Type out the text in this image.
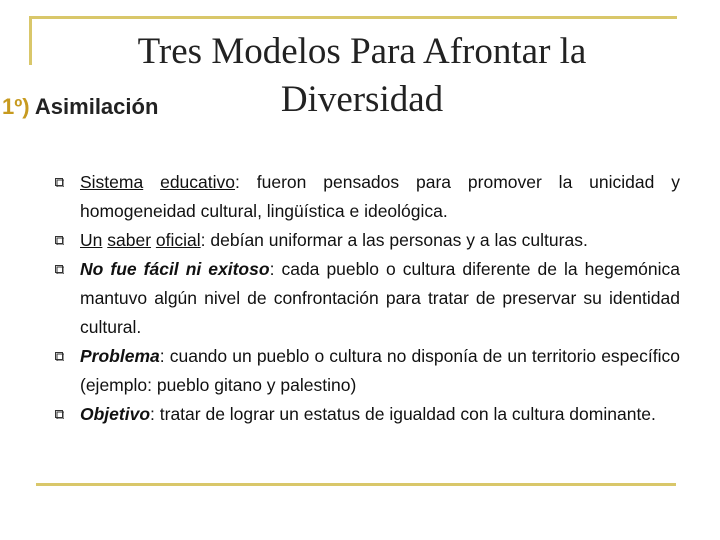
Tres Modelos Para Afrontar la
Diversidad
1º) Asimilación
Sistema educativo: fueron pensados para promover la unicidad y homogeneidad cultural, lingüística e ideológica.
Un saber oficial: debían uniformar a las personas y a las culturas.
No fue fácil ni exitoso: cada pueblo o cultura diferente de la hegemónica mantuvo algún nivel de confrontación para tratar de preservar su identidad cultural.
Problema: cuando un pueblo o cultura no disponía de un territorio específico (ejemplo: pueblo gitano y palestino)
Objetivo: tratar de lograr un estatus de igualdad con la cultura dominante.
